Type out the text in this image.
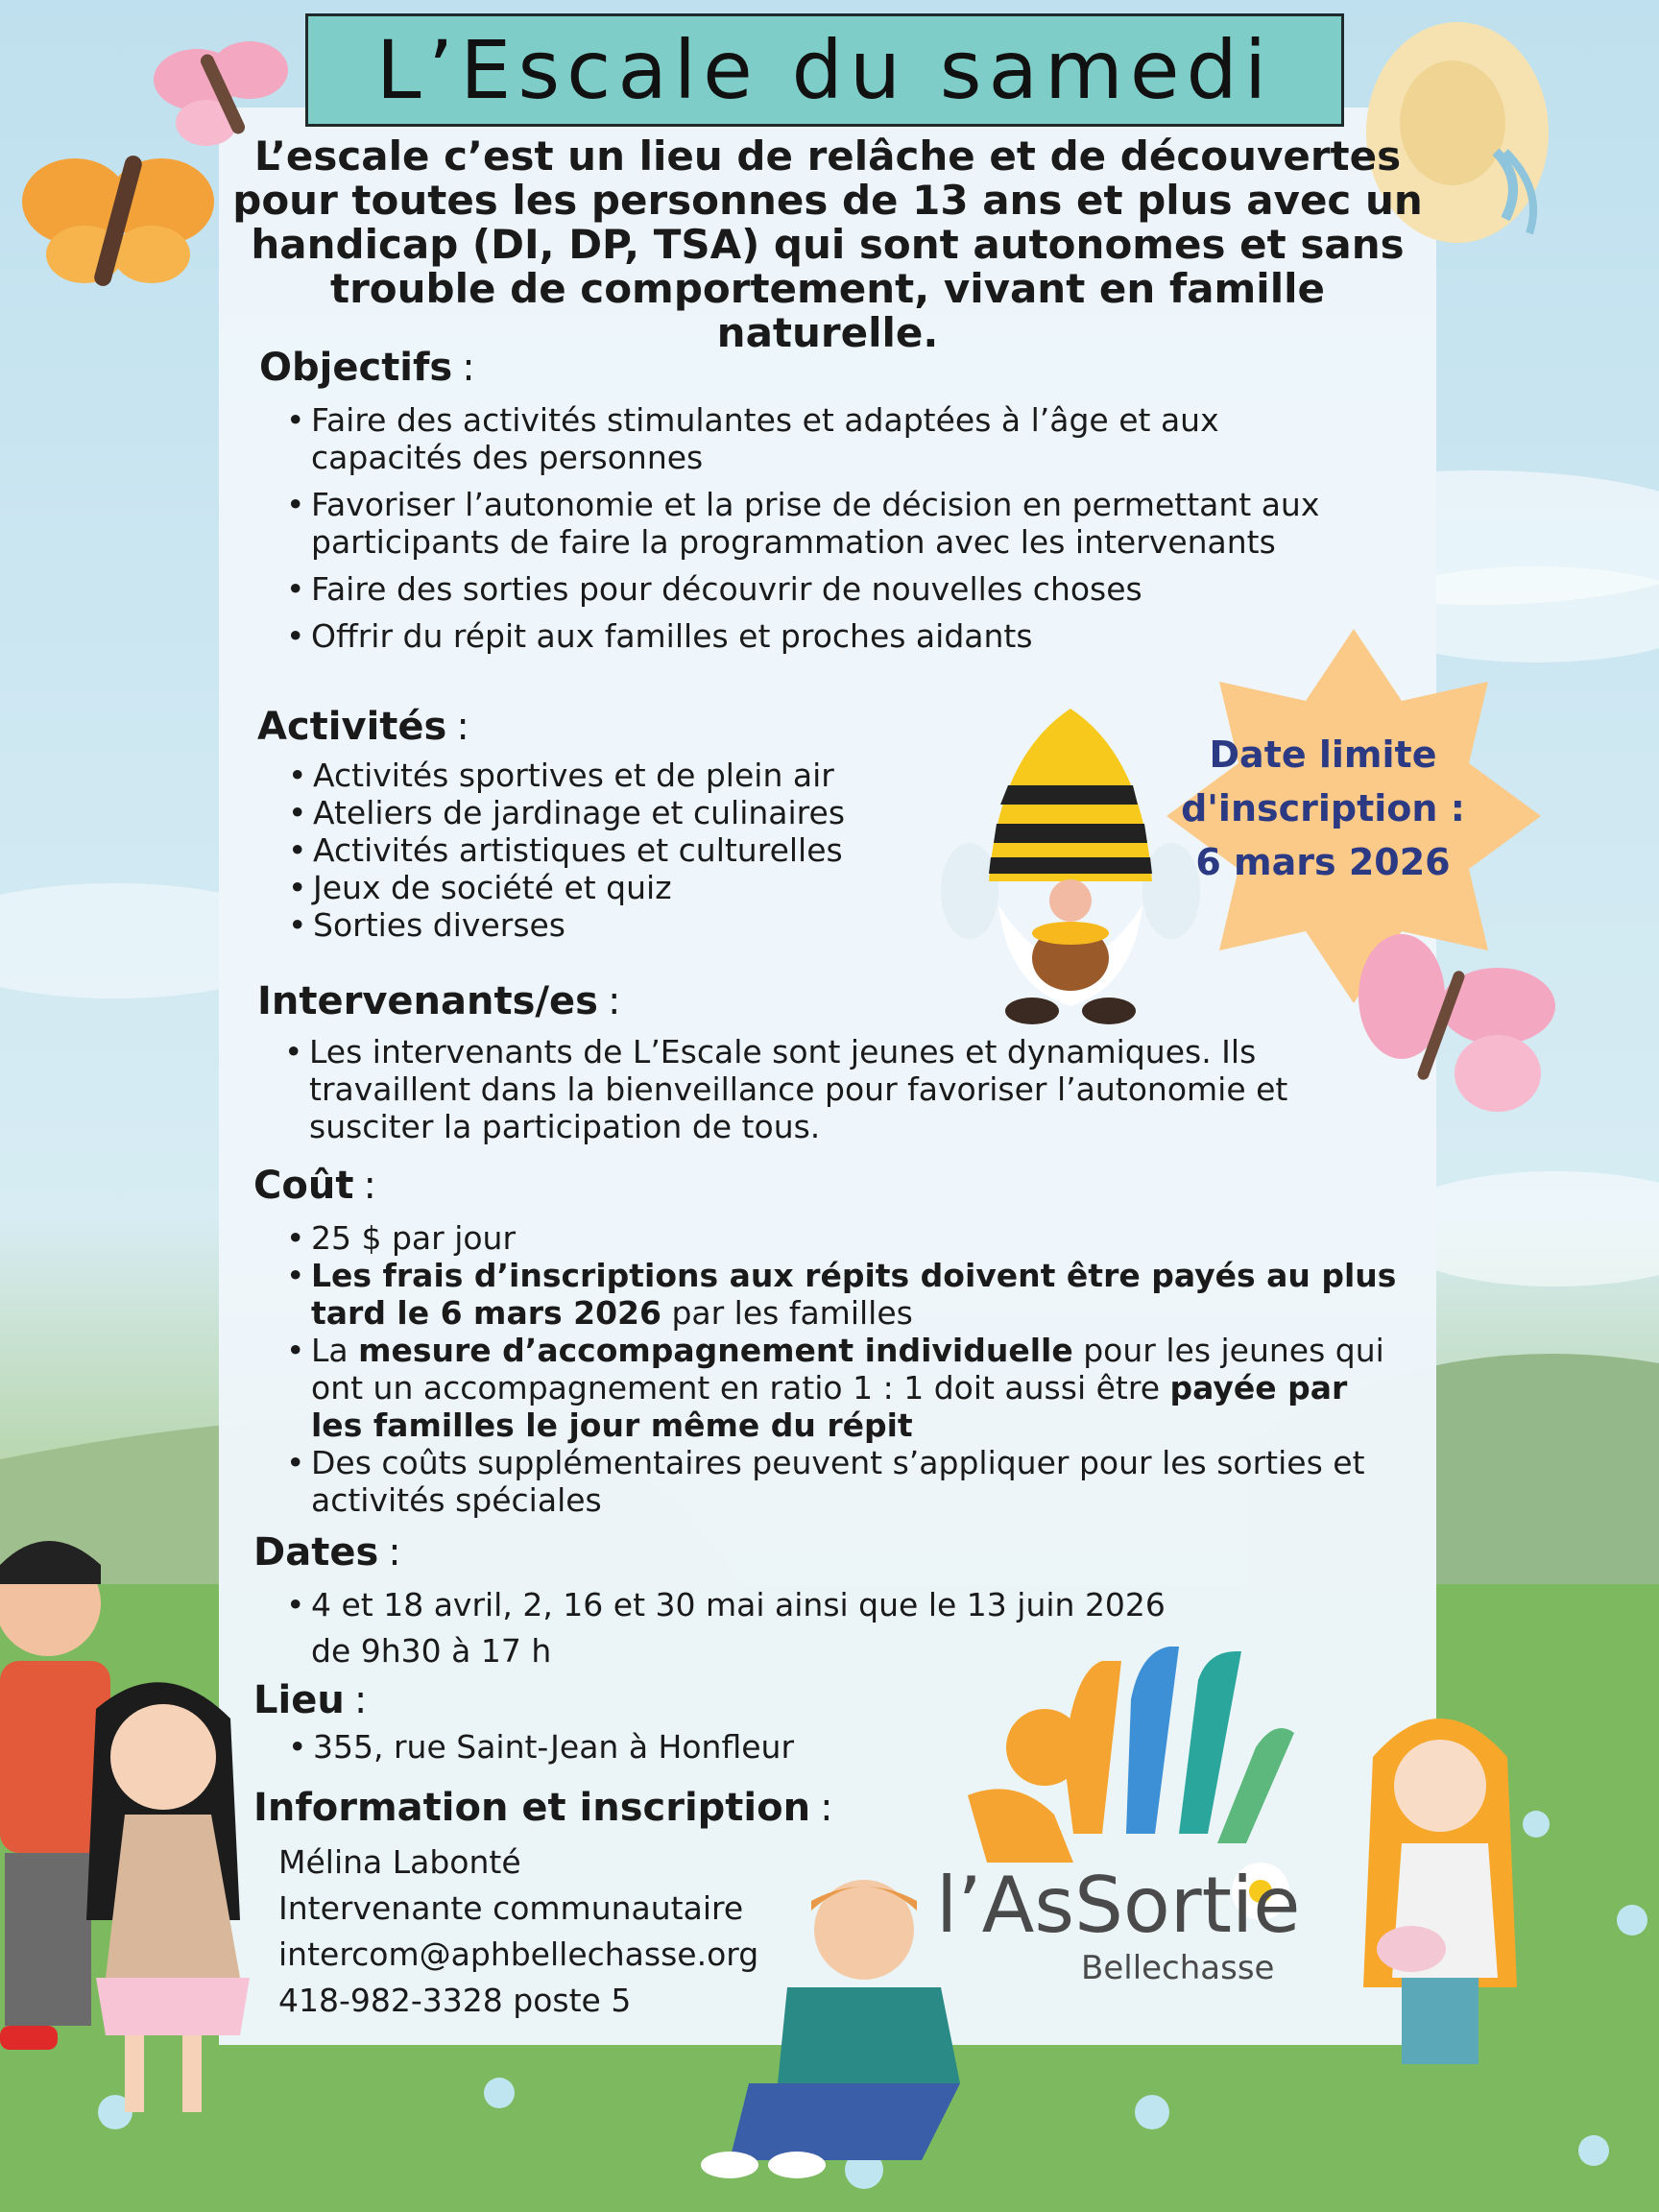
Date limite
d'inscription :
6 mars 2026
l’AsSortie
Bellechasse
L’Escale du samedi

L’escale c’est un lieu de relâche et de découvertes pour toutes les personnes de 13 ans et plus avec un handicap (DI, DP, TSA) qui sont autonomes et sans trouble de comportement, vivant en famille naturelle.

Objectifs :
• Faire des activités stimulantes et adaptées à l’âge et aux capacités des personnes
• Favoriser l’autonomie et la prise de décision en permettant aux participants de faire la programmation avec les intervenants
• Faire des sorties pour découvrir de nouvelles choses
• Offrir du répit aux familles et proches aidants
Activités :
• Activités sportives et de plein air
• Ateliers de jardinage et culinaires
• Activités artistiques et culturelles
• Jeux de société et quiz
• Sorties diverses
Intervenants/es :
• Les intervenants de L’Escale sont jeunes et dynamiques. Ils travaillent dans la bienveillance pour favoriser l’autonomie et susciter la participation de tous.
Coût :
• 25 $ par jour
• Les frais d’inscriptions aux répits doivent être payés au plus tard le 6 mars 2026 par les familles
• La mesure d’accompagnement individuelle pour les jeunes qui ont un accompagnement en ratio 1 : 1 doit aussi être payée par les familles le jour même du répit
• Des coûts supplémentaires peuvent s’appliquer pour les sorties et activités spéciales
Dates :
• 4 et 18 avril, 2, 16 et 30 mai ainsi que le 13 juin 2026
de 9h30 à 17 h
Lieu :
• 355, rue Saint-Jean à Honfleur
Information et inscription :
Mélina Labonté
Intervenante communautaire
intercom@aphbellechasse.org
418-982-3328 poste 5
